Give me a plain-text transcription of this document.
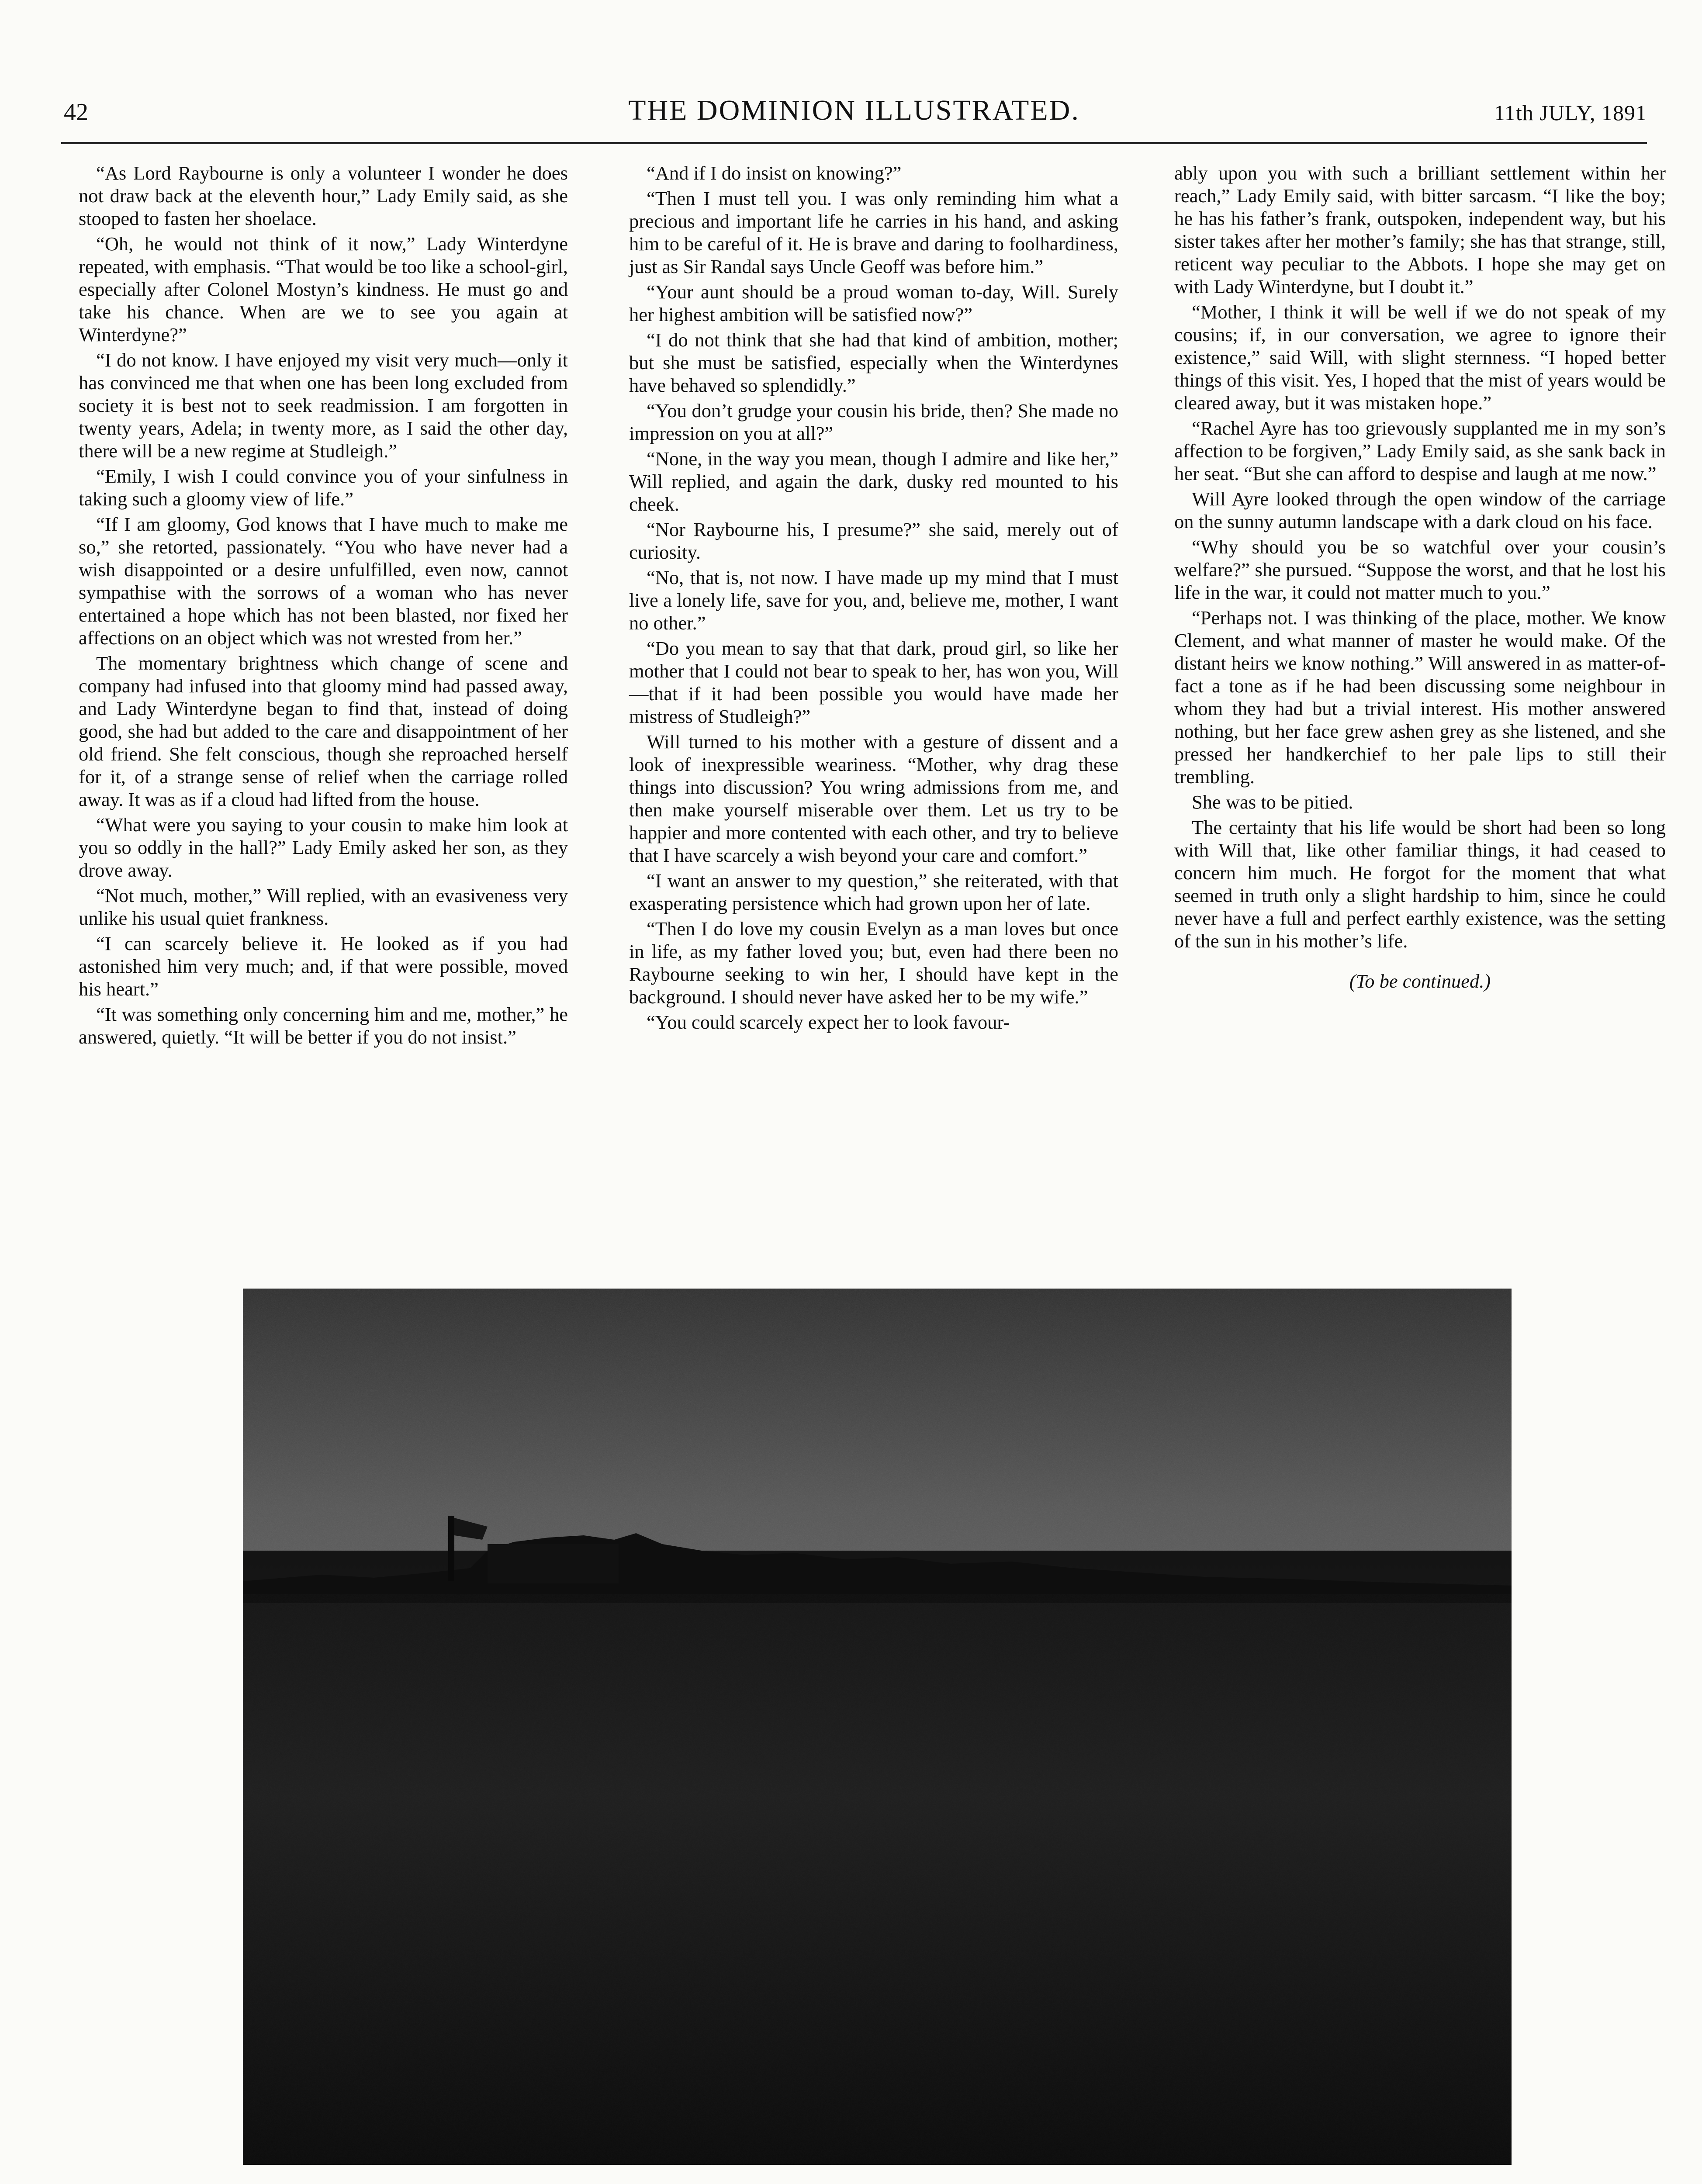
42	THE DOMINION ILLUSTRATED.	11th JULY, 1891

“As Lord Raybourne is only a volunteer I wonder he does not draw back at the eleventh hour,” Lady Emily said, as she stooped to fasten her shoelace.

“Oh, he would not think of it now,” Lady Winterdyne repeated, with emphasis. “That would be too like a school-girl, especially after Colonel Mostyn’s kindness. He must go and take his chance. When are we to see you again at Winterdyne?”

“I do not know. I have enjoyed my visit very much—only it has convinced me that when one has been long excluded from society it is best not to seek readmission. I am forgotten in twenty years, Adela; in twenty more, as I said the other day, there will be a new regime at Studleigh.”

“Emily, I wish I could convince you of your sinfulness in taking such a gloomy view of life.”

“If I am gloomy, God knows that I have much to make me so,” she retorted, passionately. “You who have never had a wish disappointed or a desire unfulfilled, even now, cannot sympathise with the sorrows of a woman who has never entertained a hope which has not been blasted, nor fixed her affections on an object which was not wrested from her.”

The momentary brightness which change of scene and company had infused into that gloomy mind had passed away, and Lady Winterdyne began to find that, instead of doing good, she had but added to the care and disappointment of her old friend. She felt conscious, though she reproached herself for it, of a strange sense of relief when the carriage rolled away. It was as if a cloud had lifted from the house.

“What were you saying to your cousin to make him look at you so oddly in the hall?” Lady Emily asked her son, as they drove away.

“Not much, mother,” Will replied, with an evasiveness very unlike his usual quiet frankness.

“I can scarcely believe it. He looked as if you had astonished him very much; and, if that were possible, moved his heart.”

“It was something only concerning him and me, mother,” he answered, quietly. “It will be better if you do not insist.”

“And if I do insist on knowing?”

“Then I must tell you. I was only reminding him what a precious and important life he carries in his hand, and asking him to be careful of it. He is brave and daring to foolhardiness, just as Sir Randal says Uncle Geoff was before him.”

“Your aunt should be a proud woman to-day, Will. Surely her highest ambition will be satisfied now?”

“I do not think that she had that kind of ambition, mother; but she must be satisfied, especially when the Winterdynes have behaved so splendidly.”

“You don’t grudge your cousin his bride, then? She made no impression on you at all?”

“None, in the way you mean, though I admire and like her,” Will replied, and again the dark, dusky red mounted to his cheek.

“Nor Raybourne his, I presume?” she said, merely out of curiosity.

“No, that is, not now. I have made up my mind that I must live a lonely life, save for you, and, believe me, mother, I want no other.”

“Do you mean to say that that dark, proud girl, so like her mother that I could not bear to speak to her, has won you, Will—that if it had been possible you would have made her mistress of Studleigh?”

Will turned to his mother with a gesture of dissent and a look of inexpressible weariness. “Mother, why drag these things into discussion? You wring admissions from me, and then make yourself miserable over them. Let us try to be happier and more contented with each other, and try to believe that I have scarcely a wish beyond your care and comfort.”

“I want an answer to my question,” she reiterated, with that exasperating persistence which had grown upon her of late.

“Then I do love my cousin Evelyn as a man loves but once in life, as my father loved you; but, even had there been no Raybourne seeking to win her, I should have kept in the background. I should never have asked her to be my wife.”

“You could scarcely expect her to look favour-

ably upon you with such a brilliant settlement within her reach,” Lady Emily said, with bitter sarcasm. “I like the boy; he has his father’s frank, outspoken, independent way, but his sister takes after her mother’s family; she has that strange, still, reticent way peculiar to the Abbots. I hope she may get on with Lady Winterdyne, but I doubt it.”

“Mother, I think it will be well if we do not speak of my cousins; if, in our conversation, we agree to ignore their existence,” said Will, with slight sternness. “I hoped better things of this visit. Yes, I hoped that the mist of years would be cleared away, but it was mistaken hope.”

“Rachel Ayre has too grievously supplanted me in my son’s affection to be forgiven,” Lady Emily said, as she sank back in her seat. “But she can afford to despise and laugh at me now.”

Will Ayre looked through the open window of the carriage on the sunny autumn landscape with a dark cloud on his face.

“Why should you be so watchful over your cousin’s welfare?” she pursued. “Suppose the worst, and that he lost his life in the war, it could not matter much to you.”

“Perhaps not. I was thinking of the place, mother. We know Clement, and what manner of master he would make. Of the distant heirs we know nothing.” Will answered in as matter-of-fact a tone as if he had been discussing some neighbour in whom they had but a trivial interest. His mother answered nothing, but her face grew ashen grey as she listened, and she pressed her handkerchief to her pale lips to still their trembling.

She was to be pitied.

The certainty that his life would be short had been so long with Will that, like other familiar things, it had ceased to concern him much. He forgot for the moment that what seemed in truth only a slight hardship to him, since he could never have a full and perfect earthly existence, was the setting of the sun in his mother’s life.

(To be continued.)
